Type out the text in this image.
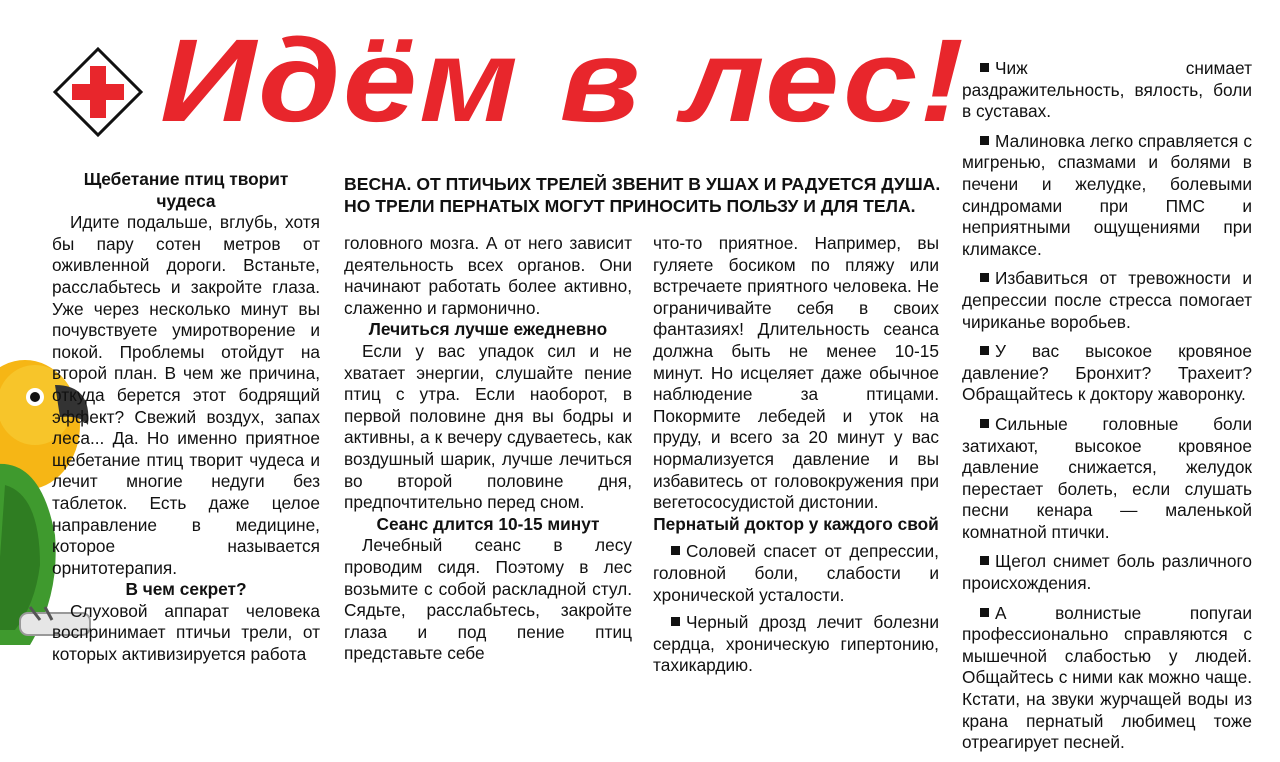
Идём в лес!
Щебетание птиц творит чудеса

Идите подальше, вглубь, хотя бы пару сотен метров от оживленной дороги. Встаньте, расслабьтесь и закройте глаза. Уже через несколько минут вы почувствуете умиротворение и покой. Проблемы отойдут на второй план. В чем же причина, откуда берется этот бодрящий эффект? Свежий воздух, запах леса... Да. Но именно приятное щебетание птиц творит чудеса и лечит многие недуги без таблеток. Есть даже целое направление в медицине, которое называется орнитотерапия.

В чем секрет?

Слуховой аппарат человека воспринимает птичьи трели, от которых активизируется работа

ВЕСНА. ОТ ПТИЧЬИХ ТРЕЛЕЙ ЗВЕНИТ В УШАХ И РАДУЕТСЯ ДУША. НО ТРЕЛИ ПЕРНАТЫХ МОГУТ ПРИНОСИТЬ ПОЛЬЗУ И ДЛЯ ТЕЛА.

головного мозга. А от него зависит деятельность всех органов. Они начинают работать более активно, слаженно и гармонично.

Лечиться лучше ежедневно

Если у вас упадок сил и не хватает энергии, слушайте пение птиц с утра. Если наоборот, в первой половине дня вы бодры и активны, а к вечеру сдуваетесь, как воздушный шарик, лучше лечиться во второй половине дня, предпочтительно перед сном.

Сеанс длится 10-15 минут

Лечебный сеанс в лесу проводим сидя. Поэтому в лес возьмите с собой раскладной стул. Сядьте, расслабьтесь, закройте глаза и под пение птиц представьте себе

что-то приятное. Например, вы гуляете босиком по пляжу или встречаете приятного человека. Не ограничивайте себя в своих фантазиях! Длительность сеанса должна быть не менее 10-15 минут. Но исцеляет даже обычное наблюдение за птицами. Покормите лебедей и уток на пруду, и всего за 20 минут у вас нормализуется давление и вы избавитесь от головокружения при вегетососудистой дистонии.

Пернатый доктор у каждого свой

Соловей спасет от депрессии, головной боли, слабости и хронической усталости.

Черный дрозд лечит болезни сердца, хроническую гипертонию, тахикардию.

Чиж снимает раздражительность, вялость, боли в суставах.

Малиновка легко справляется с мигренью, спазмами и болями в печени и желудке, болевыми синдромами при ПМС и неприятными ощущениями при климаксе.

Избавиться от тревожности и депрессии после стресса помогает чириканье воробьев.

У вас высокое кровяное давление? Бронхит? Трахеит? Обращайтесь к доктору жаворонку.

Сильные головные боли затихают, высокое кровяное давление снижается, желудок перестает болеть, если слушать песни кенара — маленькой комнатной птички.

Щегол снимет боль различного происхождения.

А волнистые попугаи профессионально справляются с мышечной слабостью у людей. Общайтесь с ними как можно чаще. Кстати, на звуки журчащей воды из крана пернатый любимец тоже отреагирует песней.
